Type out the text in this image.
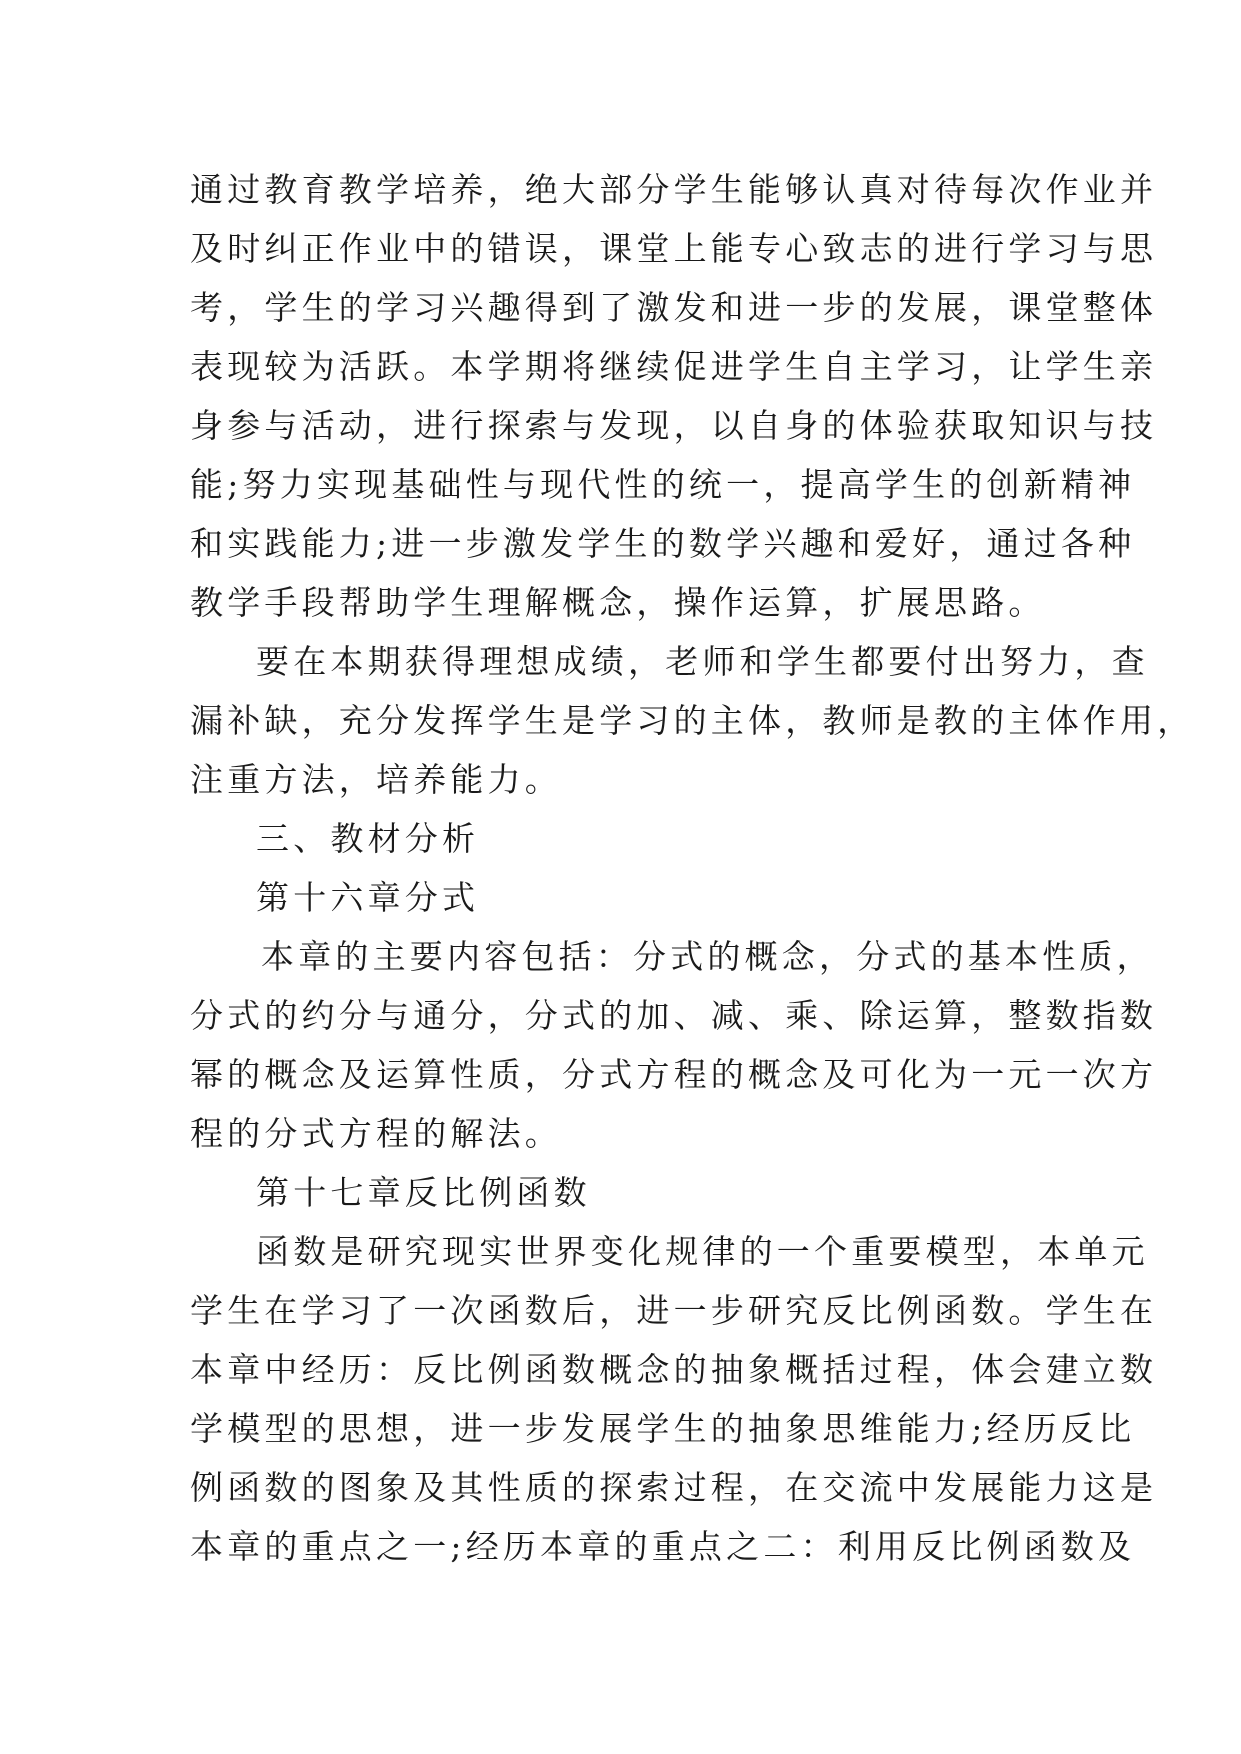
通过教育教学培养，绝大部分学生能够认真对待每次作业并
及时纠正作业中的错误，课堂上能专心致志的进行学习与思
考，学生的学习兴趣得到了激发和进一步的发展，课堂整体
表现较为活跃。本学期将继续促进学生自主学习，让学生亲
身参与活动，进行探索与发现，以自身的体验获取知识与技
能;努力实现基础性与现代性的统一，提高学生的创新精神
和实践能力;进一步激发学生的数学兴趣和爱好，通过各种
教学手段帮助学生理解概念，操作运算，扩展思路。
要在本期获得理想成绩，老师和学生都要付出努力，查
漏补缺，充分发挥学生是学习的主体，教师是教的主体作用，
注重方法，培养能力。
三、教材分析
第十六章分式
本章的主要内容包括：分式的概念，分式的基本性质，
分式的约分与通分，分式的加、减、乘、除运算，整数指数
幂的概念及运算性质，分式方程的概念及可化为一元一次方
程的分式方程的解法。
第十七章反比例函数
函数是研究现实世界变化规律的一个重要模型，本单元
学生在学习了一次函数后，进一步研究反比例函数。学生在
本章中经历：反比例函数概念的抽象概括过程，体会建立数
学模型的思想，进一步发展学生的抽象思维能力;经历反比
例函数的图象及其性质的探索过程，在交流中发展能力这是
本章的重点之一;经历本章的重点之二：利用反比例函数及
